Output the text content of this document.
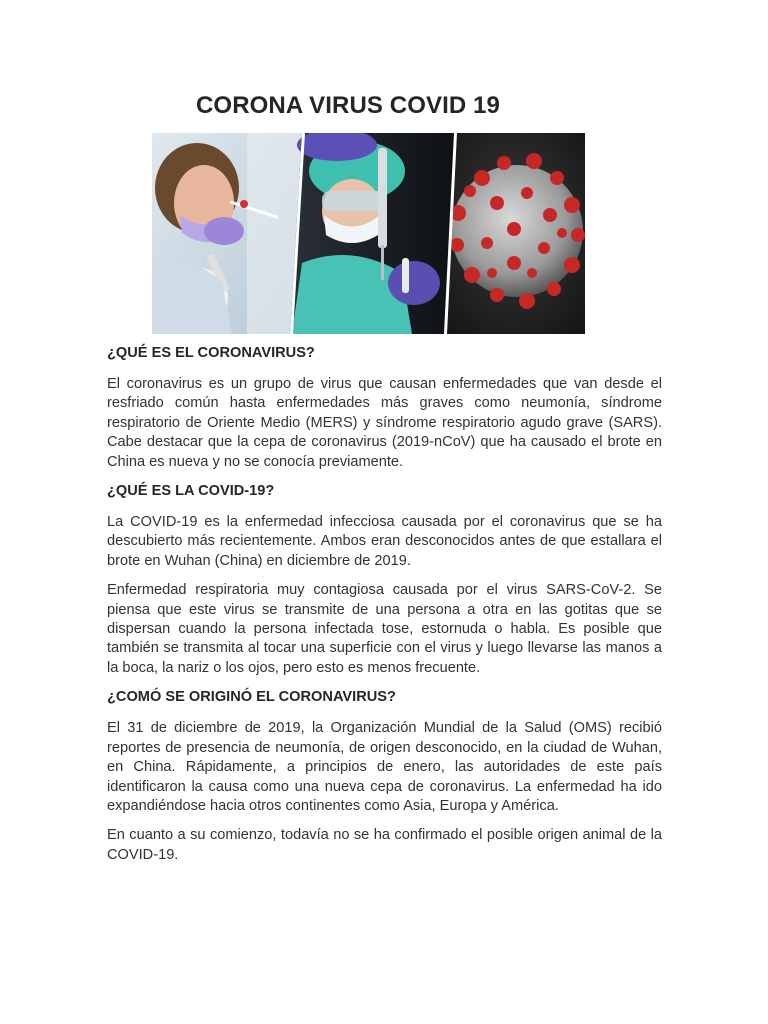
CORONA VIRUS COVID 19
¿QUÉ ES EL CORONAVIRUS?

El coronavirus es un grupo de virus que causan enfermedades que van desde el resfriado común hasta enfermedades más graves como neumonía, síndrome respiratorio de Oriente Medio (MERS) y síndrome respiratorio agudo grave (SARS). Cabe destacar que la cepa de coronavirus (2019-nCoV) que ha causado el brote en China es nueva y no se conocía previamente.

¿QUÉ ES LA COVID-19?

La COVID-19 es la enfermedad infecciosa causada por el coronavirus que se ha descubierto más recientemente. Ambos eran desconocidos antes de que estallara el brote en Wuhan (China) en diciembre de 2019.

Enfermedad respiratoria muy contagiosa causada por el virus SARS-CoV-2. Se piensa que este virus se transmite de una persona a otra en las gotitas que se dispersan cuando la persona infectada tose, estornuda o habla. Es posible que también se transmita al tocar una superficie con el virus y luego llevarse las manos a la boca, la nariz o los ojos, pero esto es menos frecuente.

¿COMÓ SE ORIGINÓ EL CORONAVIRUS?

El 31 de diciembre de 2019, la Organización Mundial de la Salud (OMS) recibió reportes de presencia de neumonía, de origen desconocido, en la ciudad de Wuhan, en China. Rápidamente, a principios de enero, las autoridades de este país identificaron la causa como una nueva cepa de coronavirus. La enfermedad ha ido expandiéndose hacia otros continentes como Asia, Europa y América.

En cuanto a su comienzo, todavía no se ha confirmado el posible origen animal de la COVID-19.
